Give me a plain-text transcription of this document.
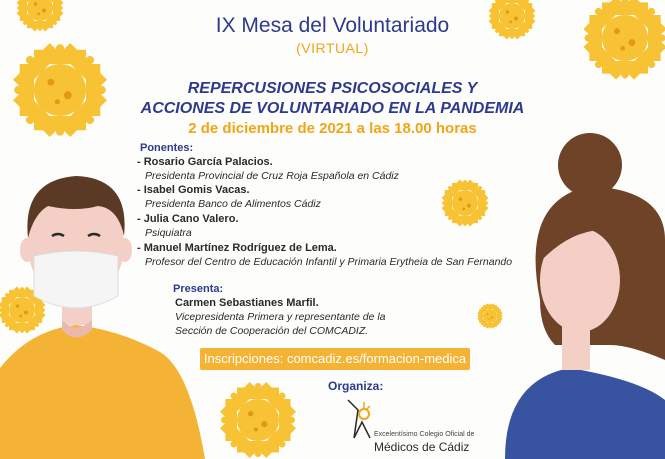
IX Mesa del Voluntariado
(VIRTUAL)
REPERCUSIONES PSICOSOCIALES Y
ACCIONES DE VOLUNTARIADO EN LA PANDEMIA
2 de diciembre de 2021 a las 18.00 horas
Ponentes:
- Rosario García Palacios.
Presidenta Provincial de Cruz Roja Española en Cádiz
- Isabel Gomis Vacas.
Presidenta Banco de Alimentos Cádiz
- Julia Cano Valero.
Psiquiatra
- Manuel Martínez Rodríguez de Lema.
Profesor del Centro de Educación Infantil y Primaria Erytheia de San Fernando
Presenta:
Carmen Sebastianes Marfil.
Vicepresidenta Primera y representante de la
Sección de Cooperación del COMCADIZ.
Inscripciones: comcadiz.es/formacion-medica
Organiza:
Excelentísimo Colegio Oficial de
Médicos de Cádiz
